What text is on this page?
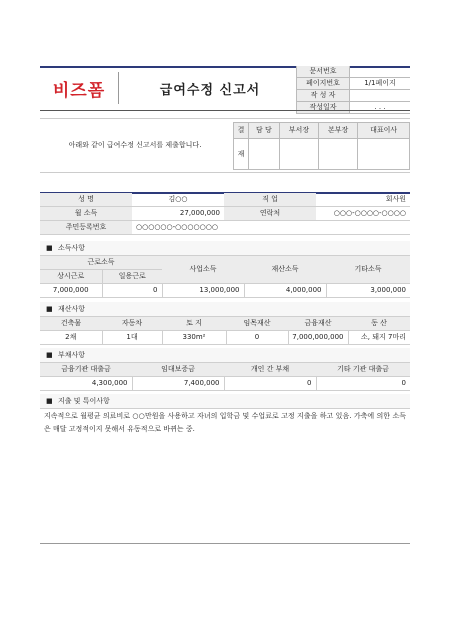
비즈폼	급여수정 신고서
문서번호	
페이지번호	1/1페이지
작 성 자	
작성일자	. . .
아래와 같이 급여수정 신고서를 제출합니다.
결	담 당	부서장	본부장	대표이사
재				
성 명	김○○	직 업	회사원
월 소득	27,000,000	연락처	○○○-○○○○-○○○○
주민등록번호	○○○○○○-○○○○○○○		
■ 소득사항
근로소득		사업소득	재산소득	기타소득
상시근로	일용근로			
7,000,000	0	13,000,000	4,000,000	3,000,000
■ 재산사항
건축물	자동차	토 지	임목재산	금융재산	동 산
2채	1대	330m²	0	7,000,000,000	소, 돼지 7마리
■ 부채사항
금융기관 대출금	임대보증금	개인 간 부채	기타 기관 대출금
4,300,000	7,400,000	0	0
■ 지출 및 특이사항
지속적으로 월평균 의료비로 ○○만원을 사용하고 자녀의 입학금 및 수업료로 고정 지출을 하고 있음. 가축에 의한 소득은 매달 고정적이지 못해서 유동적으로 바뀌는 중.
